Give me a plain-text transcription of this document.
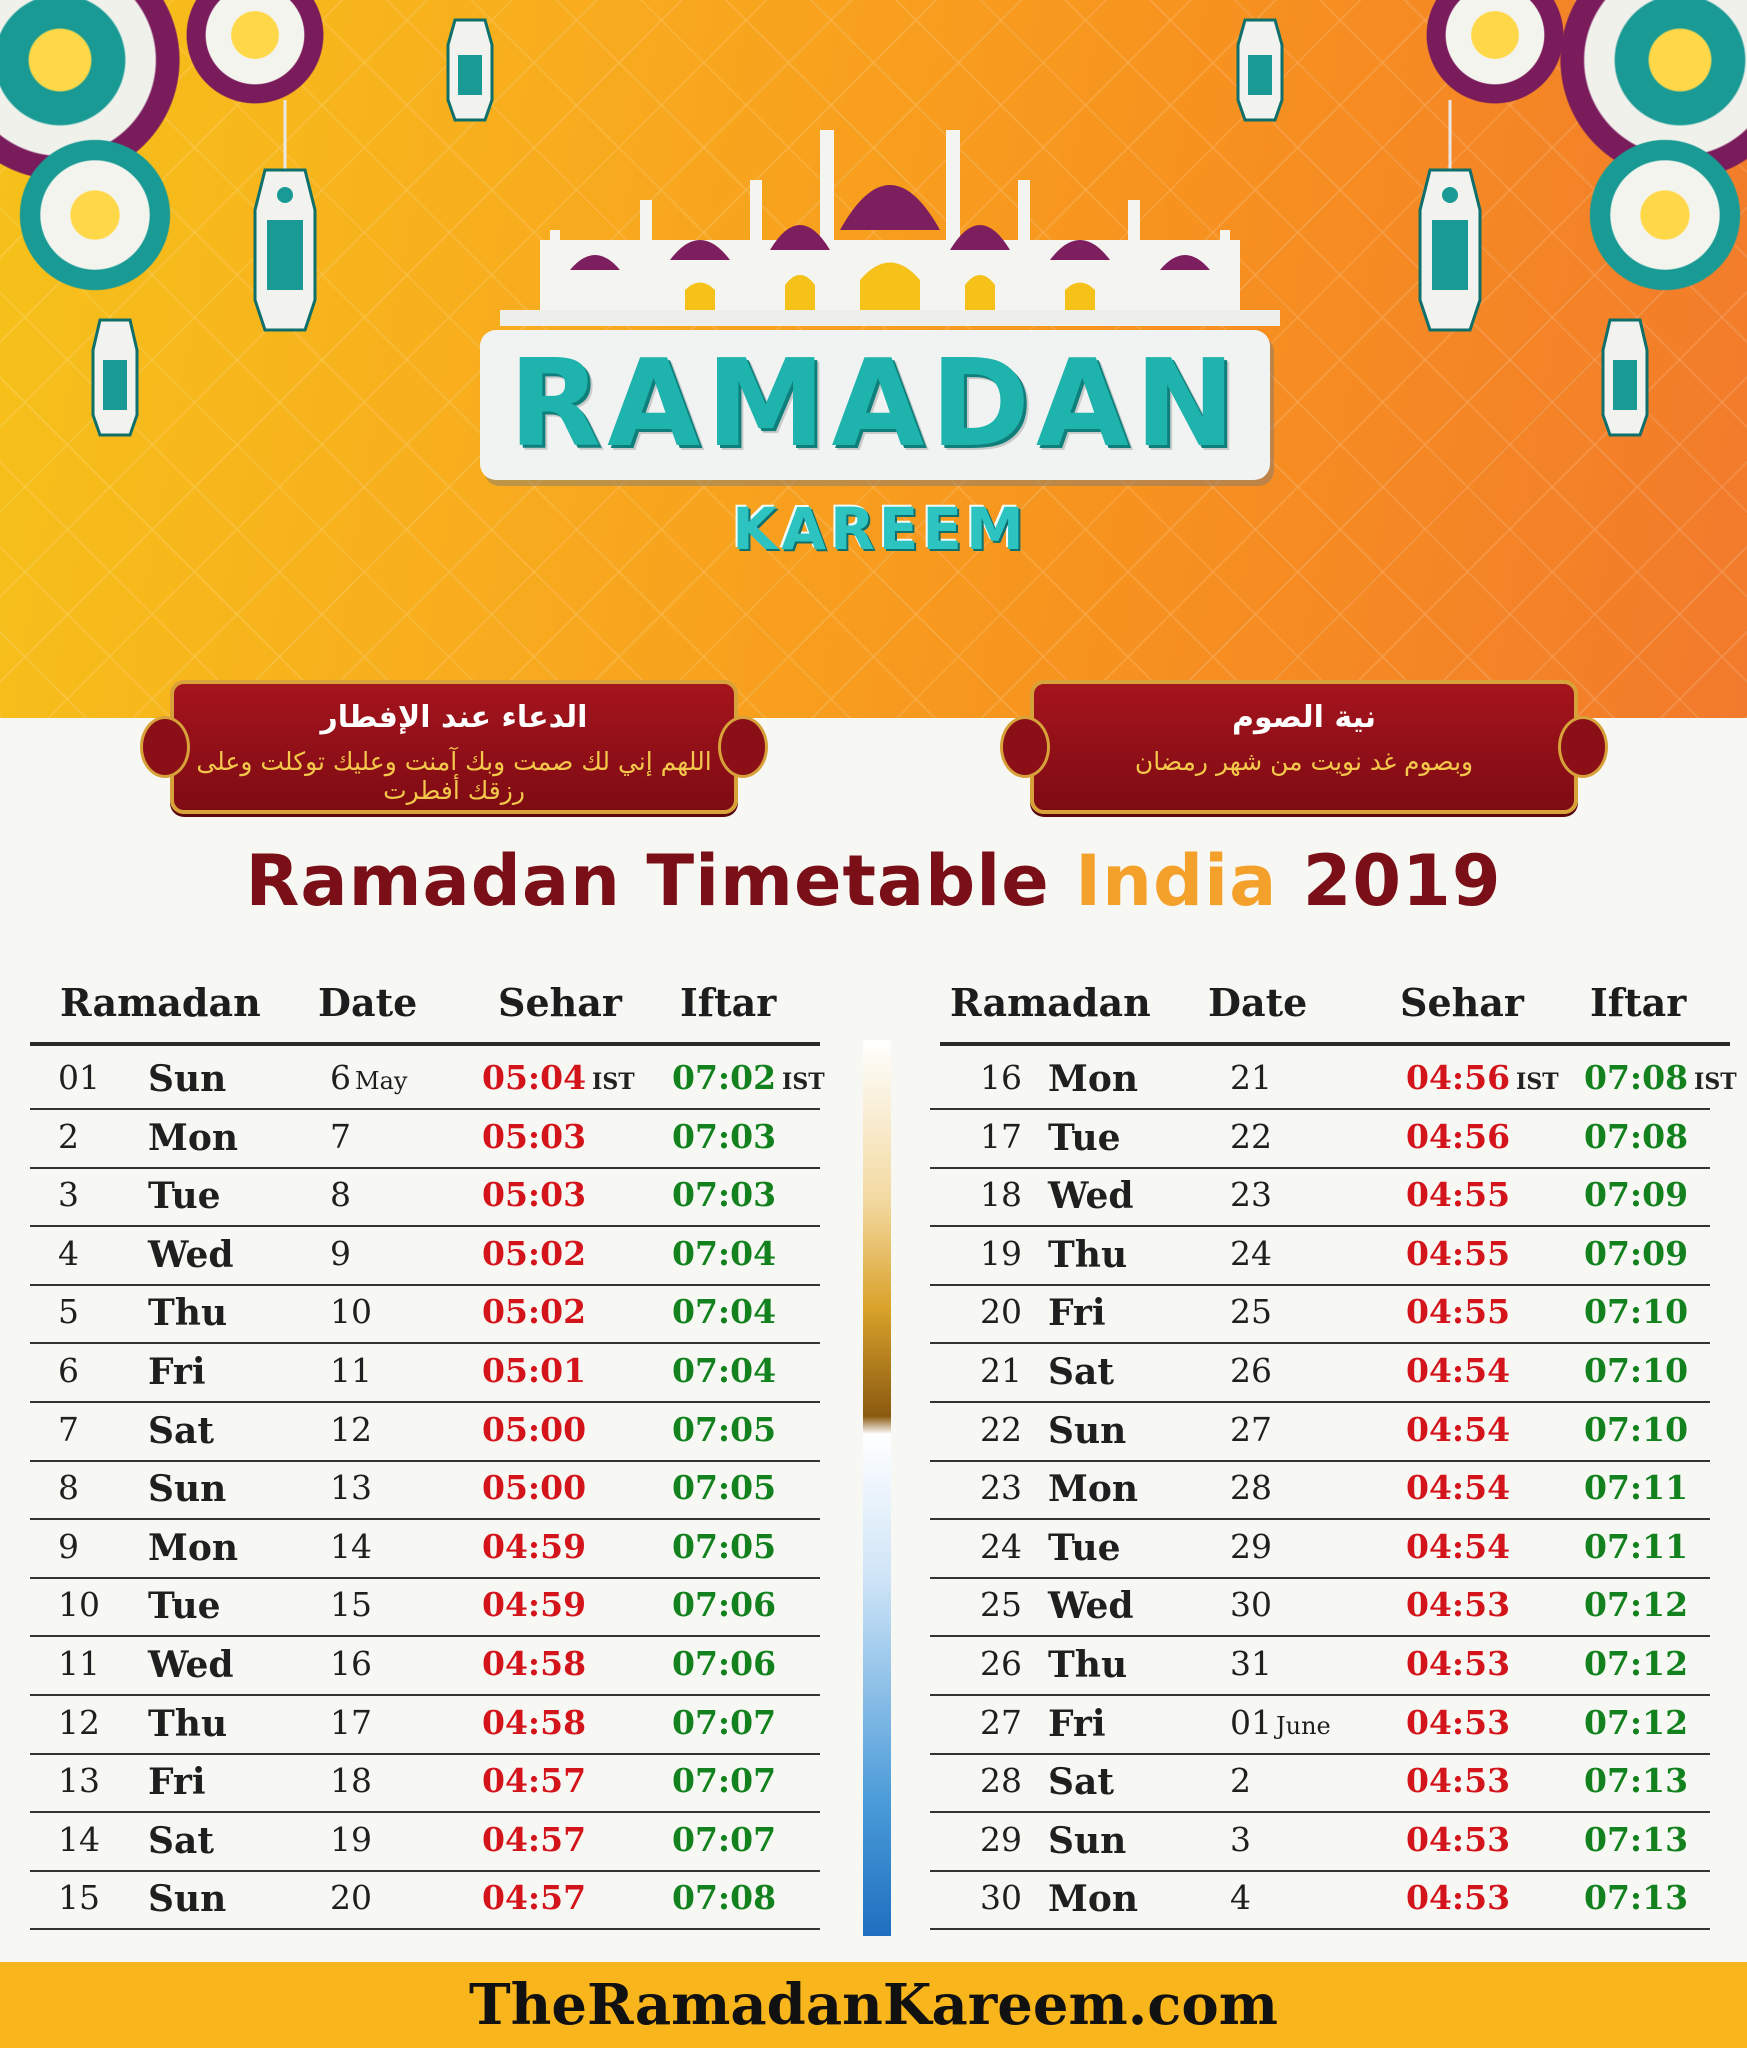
RAMADAN
KAREEM
الدعاء عند الإفطار
اللهم إني لك صمت وبك آمنت وعليك توكلت وعلى رزقك أفطرت
نية الصوم
وبصوم غد نويت من شهر رمضان
Ramadan Timetable India 2019
Ramadan Date Sehar Iftar
01 Sun	6 May 05:04 IST 07:02 IST
2 Mon	7	05:03	07:03
3 Tue	8	05:03	07:03
4 Wed	9	05:02	07:04
5 Thu	10	05:02	07:04
6 Fri	11	05:01	07:04
7 Sat	12	05:00	07:05
8 Sun	13	05:00	07:05
9 Mon	14	04:59	07:05
10 Tue	15	04:59	07:06
11 Wed	16	04:58	07:06
12 Thu	17	04:58	07:07
13 Fri	18	04:57	07:07
14 Sat	19	04:57	07:07
15 Sun	20	04:57	07:08
Ramadan Date Sehar Iftar
16 Mon	21	04:56 IST 07:08 IST
17 Tue	22	04:56 07:08
18 Wed	23	04:55 07:09
19 Thu	24	04:55 07:09
20 Fri	25	04:55 07:10
21 Sat	26	04:54 07:10
22 Sun	27	04:54 07:10
23 Mon	28	04:54 07:11
24 Tue	29	04:54 07:11
25 Wed	30	04:53 07:12
26 Thu	31	04:53 07:12
27 Fri	01 June 04:53 07:12
28 Sat	2	04:53 07:13
29 Sun	3	04:53 07:13
30 Mon	4	04:53 07:13
TheRamadanKareem.com
